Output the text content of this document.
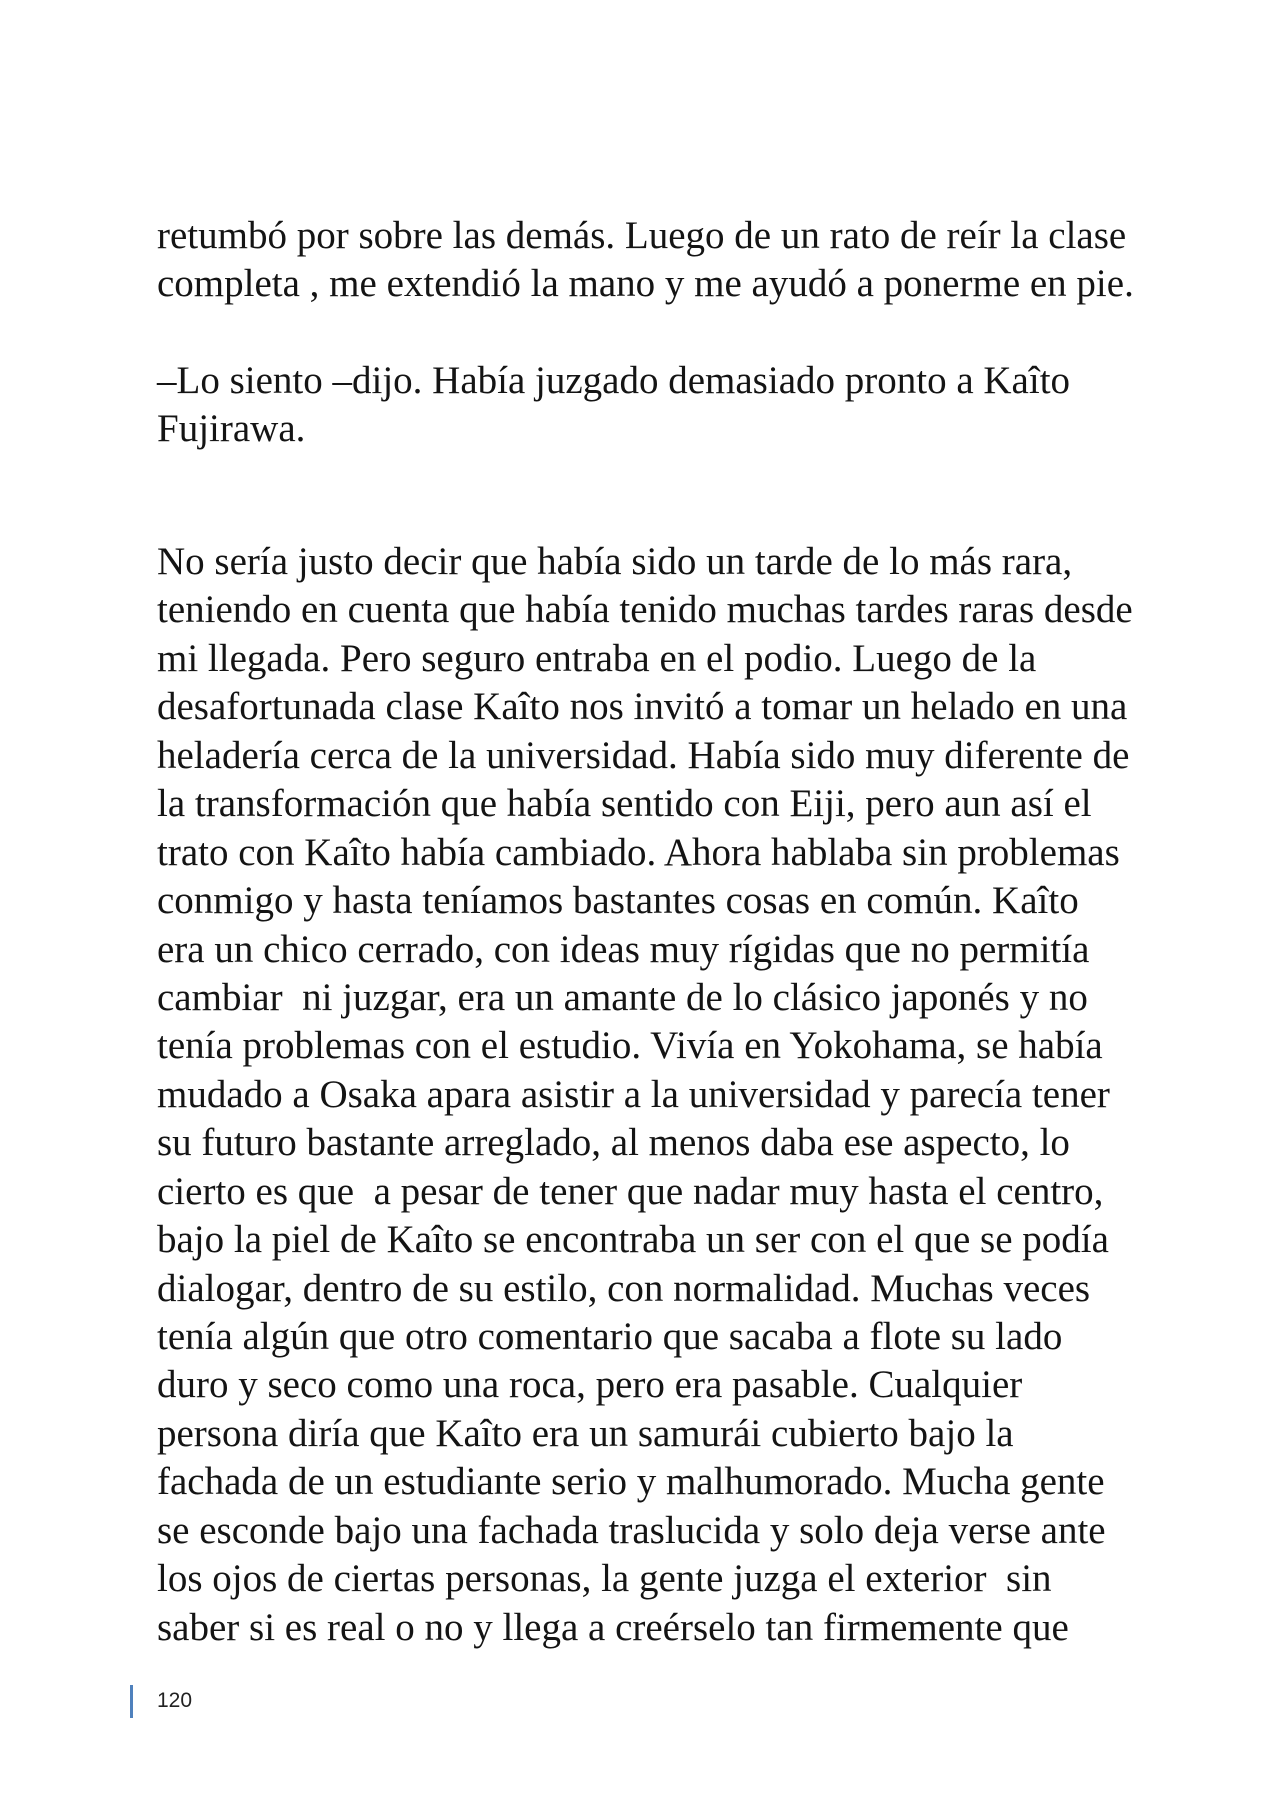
retumbó por sobre las demás. Luego de un rato de reír la clase
completa , me extendió la mano y me ayudó a ponerme en pie.
–Lo siento –dijo. Había juzgado demasiado pronto a Kaîto
Fujirawa.
No sería justo decir que había sido un tarde de lo más rara,
teniendo en cuenta que había tenido muchas tardes raras desde
mi llegada. Pero seguro entraba en el podio. Luego de la
desafortunada clase Kaîto nos invitó a tomar un helado en una
heladería cerca de la universidad. Había sido muy diferente de
la transformación que había sentido con Eiji, pero aun así el
trato con Kaîto había cambiado. Ahora hablaba sin problemas
conmigo y hasta teníamos bastantes cosas en común. Kaîto
era un chico cerrado, con ideas muy rígidas que no permitía
cambiar  ni juzgar, era un amante de lo clásico japonés y no
tenía problemas con el estudio. Vivía en Yokohama, se había
mudado a Osaka apara asistir a la universidad y parecía tener
su futuro bastante arreglado, al menos daba ese aspecto, lo
cierto es que  a pesar de tener que nadar muy hasta el centro,
bajo la piel de Kaîto se encontraba un ser con el que se podía
dialogar, dentro de su estilo, con normalidad. Muchas veces
tenía algún que otro comentario que sacaba a flote su lado
duro y seco como una roca, pero era pasable. Cualquier
persona diría que Kaîto era un samurái cubierto bajo la
fachada de un estudiante serio y malhumorado. Mucha gente
se esconde bajo una fachada traslucida y solo deja verse ante
los ojos de ciertas personas, la gente juzga el exterior  sin
saber si es real o no y llega a creérselo tan firmemente que
120
